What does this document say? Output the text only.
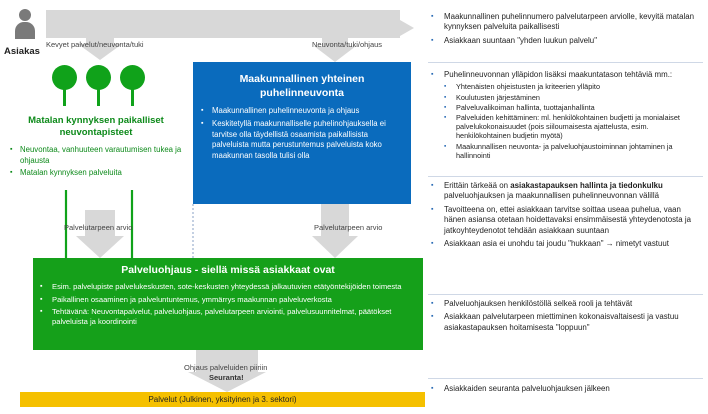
Asiakas
Kevyet palvelut/neuvonta/tuki	Neuvonta/tuki/ohjaus
Matalan kynnyksen paikalliset neuvontapisteet
▪ Neuvontaa, vanhuuteen varautumisen tukea ja ohjausta
▪ Matalan kynnyksen palveluita
Maakunnallinen yhteinen puhelinneuvonta
▪ Maakunnallinen puhelinneuvonta ja ohjaus
▪ Keskitetyllä maakunnalliselle puhelinohjauksella ei tarvitse olla täydellistä osaamista paikallisista palveluista mutta perustuntemus palveluista koko maakunnan tasolla tulisi olla
Palvelutarpeen arvio	Palvelutarpeen arvio
Palveluohjaus - siellä missä asiakkaat ovat
▪ Esim. palvelupiste palvelukeskusten, sote-keskusten yhteydessä jalkautuvien etätyöntekijöiden toimesta
▪ Paikallinen osaaminen ja palveluntuntemus, ymmärrys maakunnan palveluverkosta
▪ Tehtävänä: Neuvontapalvelut, palveluohjaus, palvelutarpeen arviointi, palvelusuunnitelmat, päätökset palveluista ja koordinointi
Ohjaus palveluiden piiriin
Seuranta!
Palvelut (Julkinen, yksityinen ja 3. sektori)
▪ Maakunnallinen puhelinnumero palvelutarpeen arviolle, kevyitä matalan kynnyksen palveluita paikallisesti
▪ Asiakkaan suuntaan "yhden luukun palvelu"
▪ Puhelinneuvonnan ylläpidon lisäksi maakuntatason tehtäviä mm.:
▪ Yhtenäisten ohjeistusten ja kriteerien ylläpito
▪ Koulutusten järjestäminen
▪ Palveluvalikoiman hallinta, tuottajanhallinta
▪ Palveluiden kehittäminen: ml. henkilökohtainen budjetti ja monialaiset palvelukokonaisuudet (pois siiloumaisesta ajattelusta, esim. henkilökohtainen budjetin myötä)
▪ Maakunnallisen neuvonta- ja palveluohjaustoiminnan johtaminen ja hallinnointi
▪ Erittäin tärkeää on asiakastapauksen hallinta ja tiedonkulku palveluohjauksen ja maakunnallisen puhelinneuvonnan välillä
▪ Tavoitteena on, ettei asiakkaan tarvitse soittaa useaa puhelua, vaan hänen asiansa otetaan hoidettavaksi ensimmäisestä yhteydenotosta ja jatkoyhteydenotot tehdään asiakkaan suuntaan
▪ Asiakkaan asia ei unohdu tai joudu "hukkaan" → nimetyt vastuut
▪ Palveluohjauksen henkilöstöllä selkeä rooli ja tehtävät
▪ Asiakkaan palvelutarpeen miettiminen kokonaisvaltaisesti ja vastuu asiakastapauksen hoitamisesta "loppuun"
▪ Asiakkaiden seuranta palveluohjauksen jälkeen
